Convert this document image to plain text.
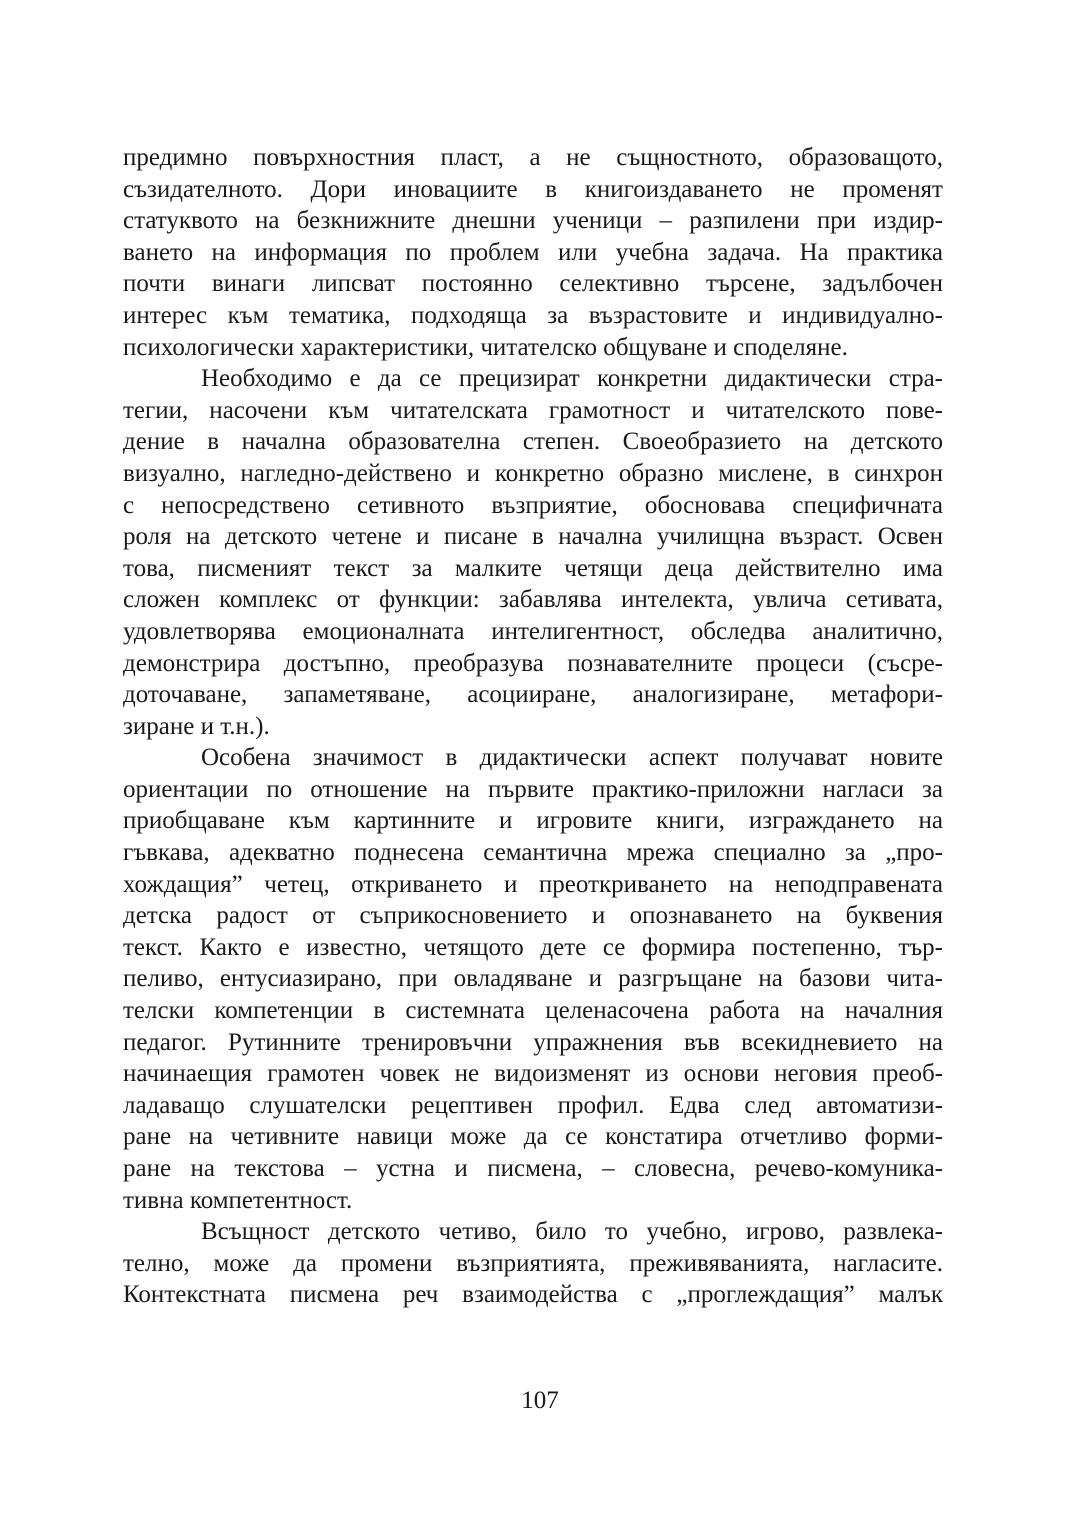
предимно повърхностния пласт, а не същностното, образоващото,
съзидателното. Дори иновациите в книгоиздаването не променят
статуквото на безкнижните днешни ученици – разпилени при издир-
ването на информация по проблем или учебна задача. На практика
почти винаги липсват постоянно селективно търсене, задълбочен
интерес към тематика, подходяща за възрастовите и индивидуално-
психологически характеристики, читателско общуване и споделяне.
Необходимо е да се прецизират конкретни дидактически стра-
тегии, насочени към читателската грамотност и читателското пове-
дение в начална образователна степен. Своеобразието на детското
визуално, нагледно-действено и конкретно образно мислене, в синхрон
с непосредствено сетивното възприятие, обосновава специфичната
роля на детското четене и писане в начална училищна възраст. Освен
това, писменият текст за малките четящи деца действително има
сложен комплекс от функции: забавлява интелекта, увлича сетивата,
удовлетворява емоционалната интелигентност, обследва аналитично,
демонстрира достъпно, преобразува познавателните процеси (съсре-
доточаване, запаметяване, асоцииране, аналогизиране, метафори-
зиране и т.н.).
Особена значимост в дидактически аспект получават новите
ориентации по отношение на първите практико-приложни нагласи за
приобщаване към картинните и игровите книги, изграждането на
гъвкава, адекватно поднесена семантична мрежа специално за „про-
хождащия” четец, откриването и преоткриването на неподправената
детска радост от съприкосновението и опознаването на буквения
текст. Както е известно, четящото дете се формира постепенно, тър-
пеливо, ентусиазирано, при овладяване и разгръщане на базови чита-
телски компетенции в системната целенасочена работа на началния
педагог. Рутинните тренировъчни упражнения във всекидневието на
начинаещия грамотен човек не видоизменят из основи неговия преоб-
ладаващо слушателски рецептивен профил. Едва след автоматизи-
ране на четивните навици може да се констатира отчетливо форми-
ране на текстова – устна и писмена, – словесна, речево-комуника-
тивна компетентност.
Всъщност детското четиво, било то учебно, игрово, развлека-
телно, може да промени възприятията, преживяванията, нагласите.
Контекстната писмена реч взаимодейства с „проглеждащия” малък
107
